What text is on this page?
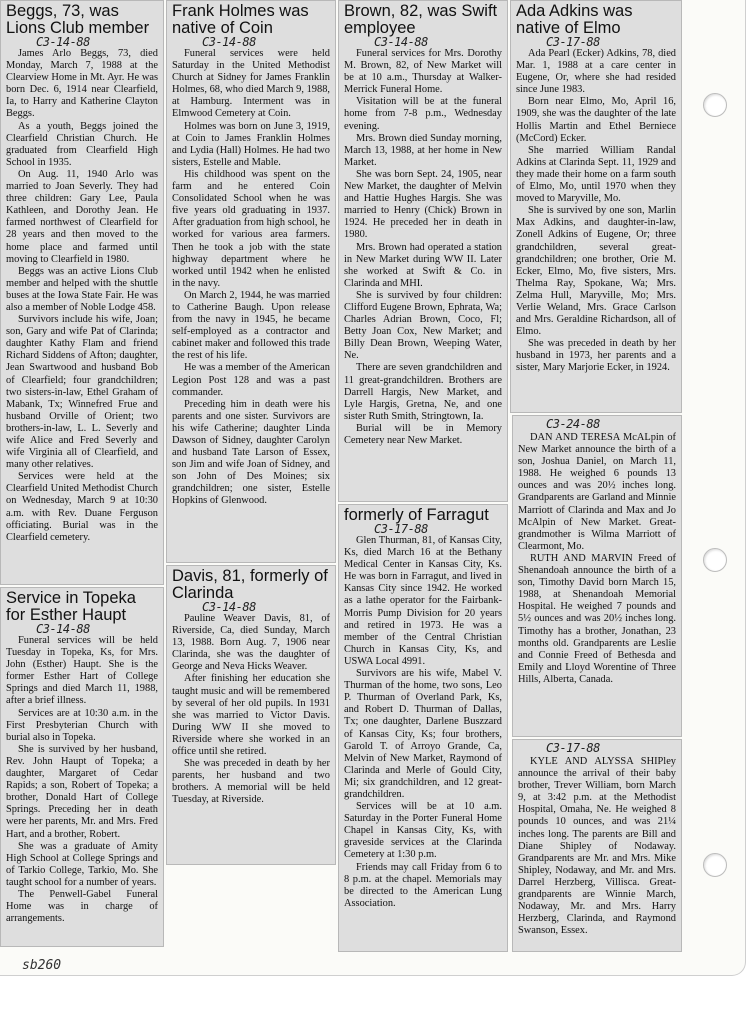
Beggs, 73, was Lions Club member
C3-14-88

James Arlo Beggs, 73, died Monday, March 7, 1988 at the Clearview Home in Mt. Ayr. He was born Dec. 6, 1914 near Clearfield, Ia, to Harry and Katherine Clayton Beggs.

As a youth, Beggs joined the Clearfield Christian Church. He graduated from Clearfield High School in 1935.

On Aug. 11, 1940 Arlo was married to Joan Severly. They had three children: Gary Lee, Paula Kathleen, and Dorothy Jean. He farmed northwest of Clearfield for 28 years and then moved to the home place and farmed until moving to Clearfield in 1980.

Beggs was an active Lions Club member and helped with the shuttle buses at the Iowa State Fair. He was also a member of Noble Lodge 458.

Survivors include his wife, Joan; son, Gary and wife Pat of Clarinda; daughter Kathy Flam and friend Richard Siddens of Afton; daughter, Jean Swartwood and husband Bob of Clearfield; four grandchildren; two sisters-in-law, Ethel Graham of Mabank, Tx; Winnefred Frue and husband Orville of Orient; two brothers-in-law, L. L. Severly and wife Alice and Fred Severly and wife Virginia all of Clearfield, and many other relatives.

Services were held at the Clearfield United Methodist Church on Wednesday, March 9 at 10:30 a.m. with Rev. Duane Ferguson officiating. Burial was in the Clearfield cemetery.

Service in Topeka for Esther Haupt
C3-14-88

Funeral services will be held Tuesday in Topeka, Ks, for Mrs. John (Esther) Haupt. She is the former Esther Hart of College Springs and died March 11, 1988, after a brief illness.

Services are at 10:30 a.m. in the First Presbyterian Church with burial also in Topeka.

She is survived by her husband, Rev. John Haupt of Topeka; a daughter, Margaret of Cedar Rapids; a son, Robert of Topeka; a brother, Donald Hart of College Springs. Preceding her in death were her parents, Mr. and Mrs. Fred Hart, and a brother, Robert.

She was a graduate of Amity High School at College Springs and of Tarkio College, Tarkio, Mo. She taught school for a number of years.

The Penwell-Gabel Funeral Home was in charge of arrangements.

Frank Holmes was native of Coin
C3-14-88

Funeral services were held Saturday in the United Methodist Church at Sidney for James Franklin Holmes, 68, who died March 9, 1988, at Hamburg. Interment was in Elmwood Cemetery at Coin.

Holmes was born on June 3, 1919, at Coin to James Franklin Holmes and Lydia (Hall) Holmes. He had two sisters, Estelle and Mable.

His childhood was spent on the farm and he entered Coin Consolidated School when he was five years old graduating in 1937. After graduation from high school, he worked for various area farmers. Then he took a job with the state highway department where he worked until 1942 when he enlisted in the navy.

On March 2, 1944, he was married to Catherine Baugh. Upon release from the navy in 1945, he became self-employed as a contractor and cabinet maker and followed this trade the rest of his life.

He was a member of the American Legion Post 128 and was a past commander.

Preceding him in death were his parents and one sister. Survivors are his wife Catherine; daughter Linda Dawson of Sidney, daughter Carolyn and husband Tate Larson of Essex, son Jim and wife Joan of Sidney, and son John of Des Moines; six grandchildren; one sister, Estelle Hopkins of Glenwood.

Davis, 81, formerly of Clarinda
C3-14-88

Pauline Weaver Davis, 81, of Riverside, Ca, died Sunday, March 13, 1988. Born Aug. 7, 1906 near Clarinda, she was the daughter of George and Neva Hicks Weaver.

After finishing her education she taught music and will be remembered by several of her old pupils. In 1931 she was married to Victor Davis. During WW II she moved to Riverside where she worked in an office until she retired.

She was preceded in death by her parents, her husband and two brothers. A memorial will be held Tuesday, at Riverside.

Brown, 82, was Swift employee
C3-14-88

Funeral services for Mrs. Dorothy M. Brown, 82, of New Market will be at 10 a.m., Thursday at Walker-Merrick Funeral Home.

Visitation will be at the funeral home from 7-8 p.m., Wednesday evening.

Mrs. Brown died Sunday morning, March 13, 1988, at her home in New Market.

She was born Sept. 24, 1905, near New Market, the daughter of Melvin and Hattie Hughes Hargis. She was married to Henry (Chick) Brown in 1924. He preceded her in death in 1980.

Mrs. Brown had operated a station in New Market during WW II. Later she worked at Swift & Co. in Clarinda and MHI.

She is survived by four children: Clifford Eugene Brown, Ephrata, Wa; Charles Adrian Brown, Coco, Fl; Betty Joan Cox, New Market; and Billy Dean Brown, Weeping Water, Ne.

There are seven grandchildren and 11 great-grandchildren. Brothers are Darrell Hargis, New Market, and Lyle Hargis, Gretna, Ne, and one sister Ruth Smith, Stringtown, Ia.

Burial will be in Memory Cemetery near New Market.

formerly of Farragut
C3-17-88

Glen Thurman, 81, of Kansas City, Ks, died March 16 at the Bethany Medical Center in Kansas City, Ks. He was born in Farragut, and lived in Kansas City since 1942. He worked as a lathe operator for the Fairbank-Morris Pump Division for 20 years and retired in 1973. He was a member of the Central Christian Church in Kansas City, Ks, and USWA Local 4991.

Survivors are his wife, Mabel V. Thurman of the home, two sons, Leo P. Thurman of Overland Park, Ks, and Robert D. Thurman of Dallas, Tx; one daughter, Darlene Buszzard of Kansas City, Ks; four brothers, Garold T. of Arroyo Grande, Ca, Melvin of New Market, Raymond of Clarinda and Merle of Gould City, Mi; six grandchildren, and 12 great-grandchildren.

Services will be at 10 a.m. Saturday in the Porter Funeral Home Chapel in Kansas City, Ks, with graveside services at the Clarinda Cemetery at 1:30 p.m.

Friends may call Friday from 6 to 8 p.m. at the chapel. Memorials may be directed to the American Lung Association.

Ada Adkins was native of Elmo
C3-17-88

Ada Pearl (Ecker) Adkins, 78, died Mar. 1, 1988 at a care center in Eugene, Or, where she had resided since June 1983.

Born near Elmo, Mo, April 16, 1909, she was the daughter of the late Hollis Martin and Ethel Berniece (McCord) Ecker.

She married William Randal Adkins at Clarinda Sept. 11, 1929 and they made their home on a farm south of Elmo, Mo, until 1970 when they moved to Maryville, Mo.

She is survived by one son, Marlin Max Adkins, and daughter-in-law, Zonell Adkins of Eugene, Or; three grandchildren, several great-grandchildren; one brother, Orie M. Ecker, Elmo, Mo, five sisters, Mrs. Thelma Ray, Spokane, Wa; Mrs. Zelma Hull, Maryville, Mo; Mrs. Verlie Weland, Mrs. Grace Carlson and Mrs. Geraldine Richardson, all of Elmo.

She was preceded in death by her husband in 1973, her parents and a sister, Mary Marjorie Ecker, in 1924.

C3-24-88

DAN AND TERESA McALpin of New Market announce the birth of a son, Joshua Daniel, on March 11, 1988. He weighed 6 pounds 13 ounces and was 20½ inches long. Grandparents are Garland and Minnie Marriott of Clarinda and Max and Jo McAlpin of New Market. Great-grandmother is Wilma Marriott of Clearmont, Mo.

RUTH AND MARVIN Freed of Shenandoah announce the birth of a son, Timothy David born March 15, 1988, at Shenandoah Memorial Hospital. He weighed 7 pounds and 5½ ounces and was 20½ inches long. Timothy has a brother, Jonathan, 23 months old. Grandparents are Leslie and Connie Freed of Bethesda and Emily and Lloyd Worentine of Three Hills, Alberta, Canada.

C3-17-88

KYLE AND ALYSSA SHIPley announce the arrival of their baby brother, Trever William, born March 9, at 3:42 p.m. at the Methodist Hospital, Omaha, Ne. He weighed 8 pounds 10 ounces, and was 21¼ inches long. The parents are Bill and Diane Shipley of Nodaway. Grandparents are Mr. and Mrs. Mike Shipley, Nodaway, and Mr. and Mrs. Darrel Herzberg, Villisca. Great-grandparents are Winnie March, Nodaway, Mr. and Mrs. Harry Herzberg, Clarinda, and Raymond Swanson, Essex.

sb260
